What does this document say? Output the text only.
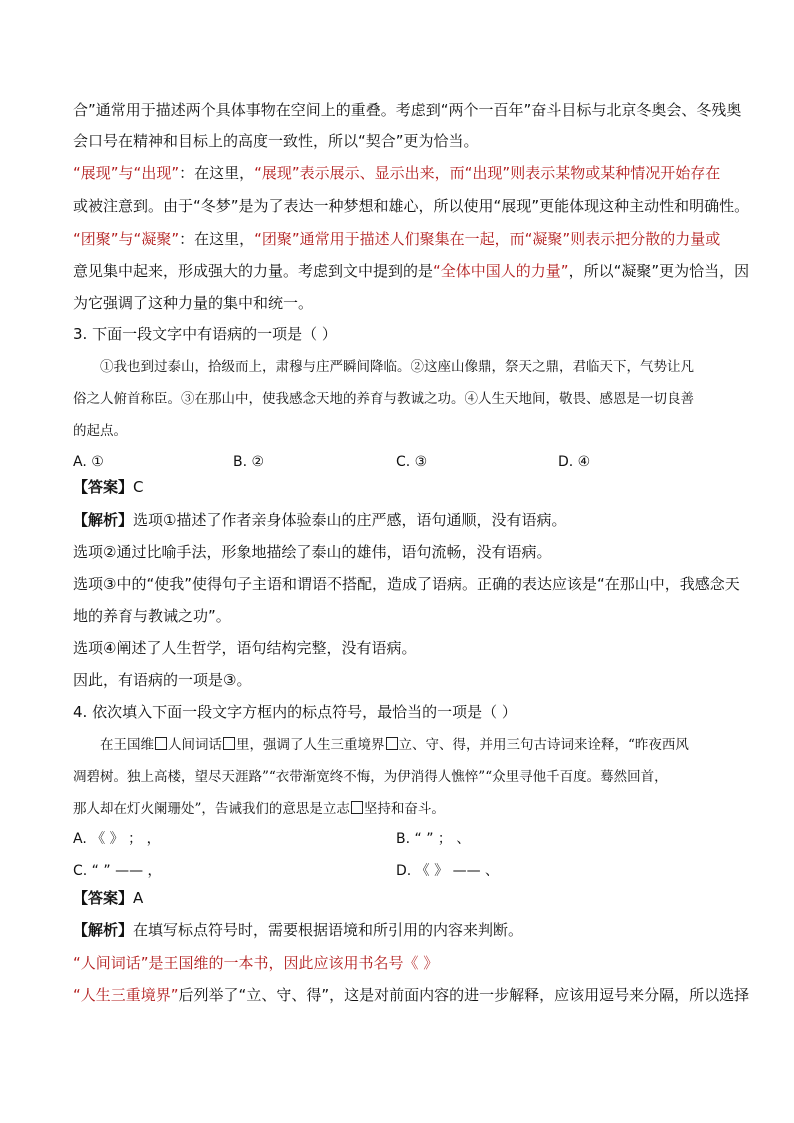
合”通常用于描述两个具体事物在空间上的重叠。考虑到“两个一百年”奋斗目标与北京冬奥会、冬残奥
会口号在精神和目标上的高度一致性，所以“契合”更为恰当。
“展现”与“出现”：在这里，“展现”表示展示、显示出来，而“出现”则表示某物或某种情况开始存在
或被注意到。由于“冬梦”是为了表达一种梦想和雄心，所以使用“展现”更能体现这种主动性和明确性。
“团聚”与“凝聚”：在这里，“团聚”通常用于描述人们聚集在一起，而“凝聚”则表示把分散的力量或
意见集中起来，形成强大的力量。考虑到文中提到的是“全体中国人的力量”，所以“凝聚”更为恰当，因
为它强调了这种力量的集中和统一。
3. 下面一段文字中有语病的一项是（ ）
①我也到过泰山，拾级而上，肃穆与庄严瞬间降临。②这座山像鼎，祭天之鼎，君临天下，气势让凡
俗之人俯首称臣。③在那山中，使我感念天地的养育与教诚之功。④人生天地间，敬畏、感恩是一切良善
的起点。
A. ①	B. ②	C. ③	D. ④
【答案】C
【解析】选项①描述了作者亲身体验泰山的庄严感，语句通顺，没有语病。
选项②通过比喻手法，形象地描绘了泰山的雄伟，语句流畅，没有语病。
选项③中的“使我”使得句子主语和谓语不搭配，造成了语病。正确的表达应该是“在那山中，我感念天
地的养育与教诫之功”。
选项④阐述了人生哲学，语句结构完整，没有语病。
因此，有语病的一项是③。
4. 依次填入下面一段文字方框内的标点符号，最恰当的一项是（ ）
在王国维 人间词话 里，强调了人生三重境界 立、守、得，并用三句古诗词来诠释，“昨夜西风
凋碧树。独上高楼，望尽天涯路”“衣带渐宽终不悔，为伊消得人憔悴”“众里寻他千百度。蓦然回首，
那人却在灯火阑珊处”，告诫我们的意思是立志 坚持和奋斗。
A. 《 》 ； ，	B. “ ” ； 、
C. “ ” —— ，	D. 《 》 —— 、
【答案】A
【解析】在填写标点符号时，需要根据语境和所引用的内容来判断。
“人间词话”是王国维的一本书，因此应该用书名号《 》
“人生三重境界”后列举了“立、守、得”，这是对前面内容的进一步解释，应该用逗号来分隔，所以选择
